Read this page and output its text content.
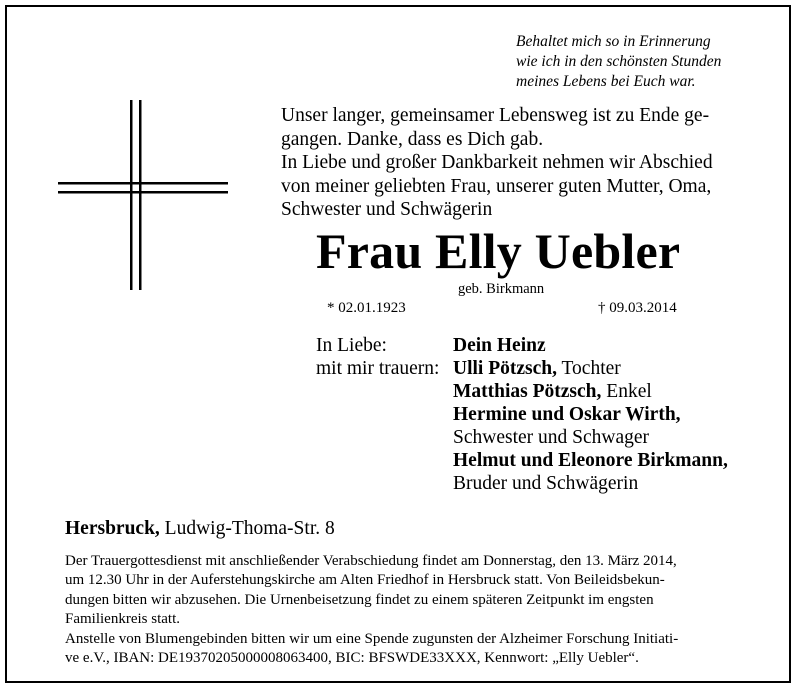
Behaltet mich so in Erinnerung
wie ich in den schönsten Stunden
meines Lebens bei Euch war.

Unser langer, gemeinsamer Lebensweg ist zu Ende ge-

gangen. Danke, dass es Dich gab.

In Liebe und großer Dankbarkeit nehmen wir Abschied

von meiner geliebten Frau, unserer guten Mutter, Oma,

Schwester und Schwägerin

Frau Elly Uebler
geb. Birkmann
* 02.01.1923	† 09.03.2014
In Liebe:	Dein Heinz
mit mir trauern: Ulli Pötzsch, Tochter
Matthias Pötzsch, Enkel
Hermine und Oskar Wirth,
Schwester und Schwager
Helmut und Eleonore Birkmann,
Bruder und Schwägerin
Hersbruck, Ludwig-Thoma-Str. 8

Der Trauergottesdienst mit anschließender Verabschiedung findet am Donnerstag, den 13. März 2014,

um 12.30 Uhr in der Auferstehungskirche am Alten Friedhof in Hersbruck statt. Von Beileidsbekun-

dungen bitten wir abzusehen. Die Urnenbeisetzung findet zu einem späteren Zeitpunkt im engsten

Familienkreis statt.

Anstelle von Blumengebinden bitten wir um eine Spende zugunsten der Alzheimer Forschung Initiati-

ve e.V., IBAN: DE19370205000008063400, BIC: BFSWDE33XXX, Kennwort: „Elly Uebler“.
